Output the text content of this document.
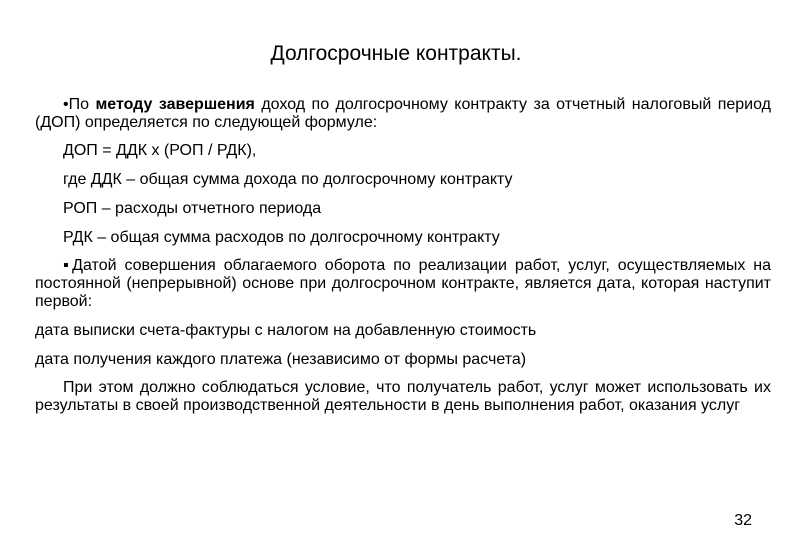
Долгосрочные контракты.

•По методу завершения доход по долгосрочному контракту за отчетный налоговый период (ДОП) определяется по следующей формуле:

ДОП = ДДК х (РОП / РДК),

где ДДК – общая сумма дохода по долгосрочному контракту

РОП – расходы отчетного периода

РДК – общая сумма расходов по долгосрочному контракту

▪Датой совершения облагаемого оборота по реализации работ, услуг, осуществляемых на постоянной (непрерывной) основе при долгосрочном контракте, является дата, которая наступит первой:

дата выписки счета-фактуры с налогом на добавленную стоимость

дата получения каждого платежа (независимо от формы расчета)

При этом должно соблюдаться условие, что получатель работ, услуг может использовать их результаты в своей производственной деятельности в день выполнения работ, оказания услуг

32
